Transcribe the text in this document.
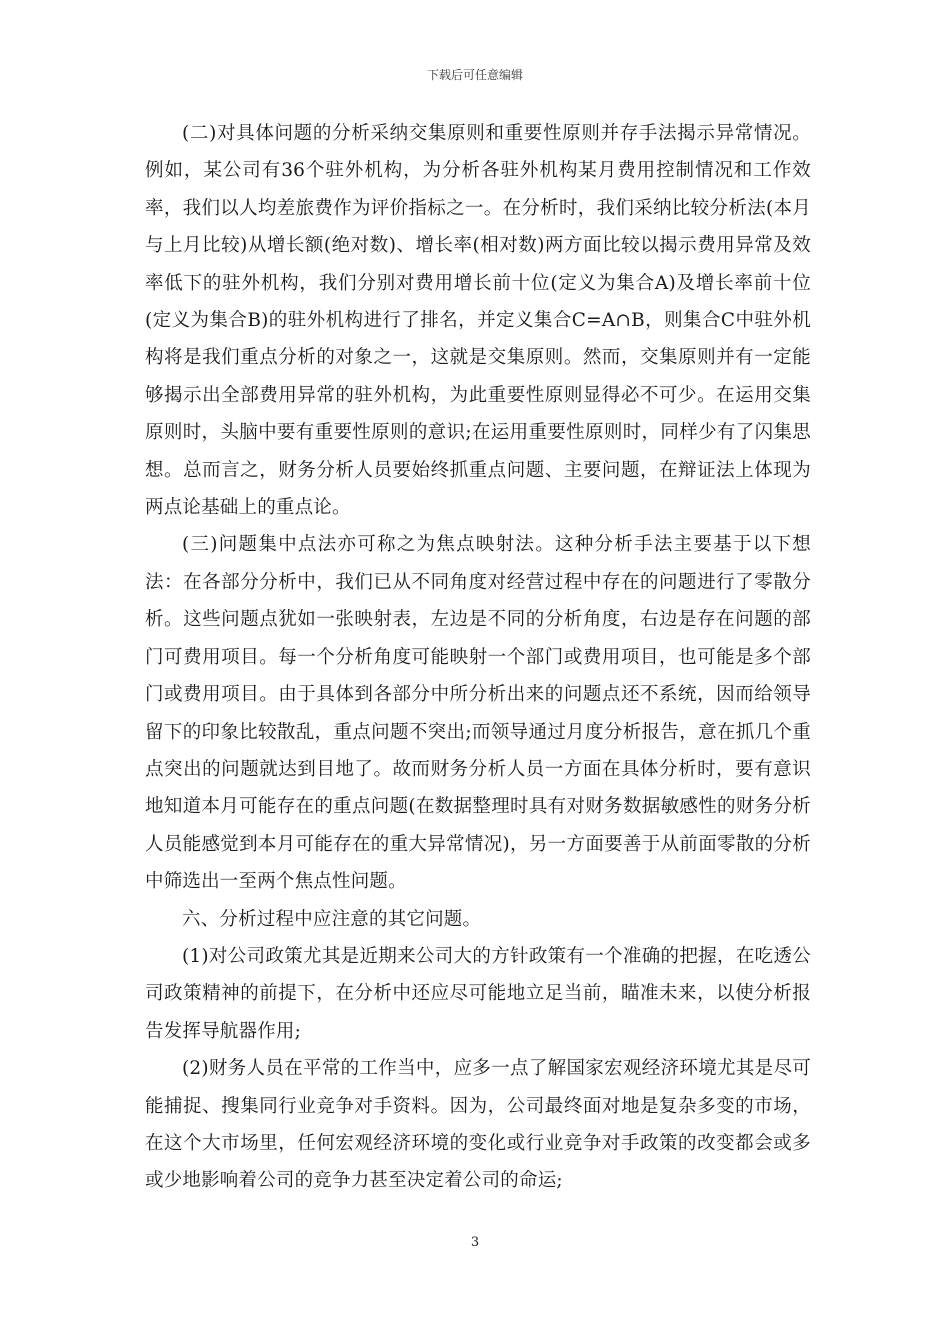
下载后可任意编辑

(二)对具体问题的分析采纳交集原则和重要性原则并存手法揭示异常情况。例如，某公司有36个驻外机构，为分析各驻外机构某月费用控制情况和工作效率，我们以人均差旅费作为评价指标之一。在分析时，我们采纳比较分析法(本月与上月比较)从增长额(绝对数)、增长率(相对数)两方面比较以揭示费用异常及效率低下的驻外机构，我们分别对费用增长前十位(定义为集合A)及增长率前十位(定义为集合B)的驻外机构进行了排名，并定义集合C=A∩B，则集合C中驻外机构将是我们重点分析的对象之一，这就是交集原则。然而，交集原则并有一定能够揭示出全部费用异常的驻外机构，为此重要性原则显得必不可少。在运用交集原则时，头脑中要有重要性原则的意识;在运用重要性原则时，同样少有了闪集思想。总而言之，财务分析人员要始终抓重点问题、主要问题，在辩证法上体现为两点论基础上的重点论。

(三)问题集中点法亦可称之为焦点映射法。这种分析手法主要基于以下想法：在各部分分析中，我们已从不同角度对经营过程中存在的问题进行了零散分析。这些问题点犹如一张映射表，左边是不同的分析角度，右边是存在问题的部门可费用项目。每一个分析角度可能映射一个部门或费用项目，也可能是多个部门或费用项目。由于具体到各部分中所分析出来的问题点还不系统，因而给领导留下的印象比较散乱，重点问题不突出;而领导通过月度分析报告，意在抓几个重点突出的问题就达到目地了。故而财务分析人员一方面在具体分析时，要有意识地知道本月可能存在的重点问题(在数据整理时具有对财务数据敏感性的财务分析人员能感觉到本月可能存在的重大异常情况)，另一方面要善于从前面零散的分析中筛选出一至两个焦点性问题。

六、分析过程中应注意的其它问题。

(1)对公司政策尤其是近期来公司大的方针政策有一个准确的把握，在吃透公司政策精神的前提下，在分析中还应尽可能地立足当前，瞄准未来，以使分析报告发挥导航器作用;

(2)财务人员在平常的工作当中，应多一点了解国家宏观经济环境尤其是尽可能捕捉、搜集同行业竞争对手资料。因为，公司最终面对地是复杂多变的市场，在这个大市场里，任何宏观经济环境的变化或行业竞争对手政策的改变都会或多或少地影响着公司的竞争力甚至决定着公司的命运;

3
